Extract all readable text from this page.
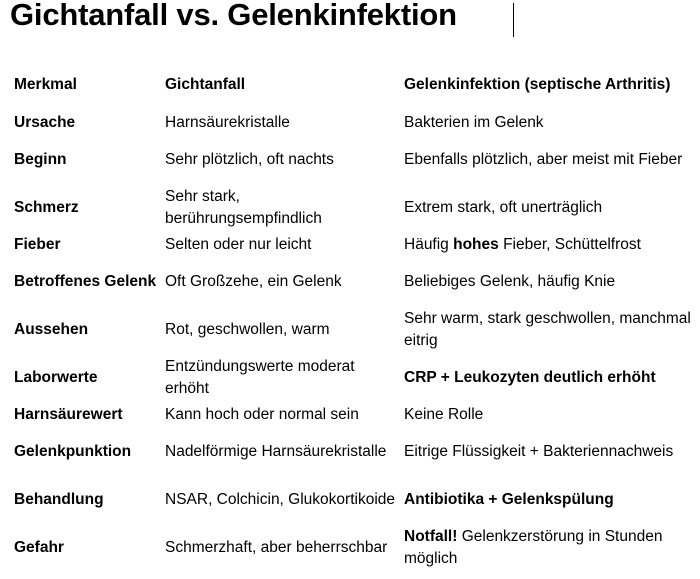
Gichtanfall vs. Gelenkinfektion
Merkmal	Gichtanfall	Gelenkinfektion (septische Arthritis)
Ursache	Harnsäurekristalle	Bakterien im Gelenk
Beginn	Sehr plötzlich, oft nachts	Ebenfalls plötzlich, aber meist mit Fieber
Schmerz	Sehr stark, berührungsempfindlich	Extrem stark, oft unerträglich
Fieber	Selten oder nur leicht	Häufig hohes Fieber, Schüttelfrost
Betroffenes Gelenk	Oft Großzehe, ein Gelenk	Beliebiges Gelenk, häufig Knie
Aussehen	Rot, geschwollen, warm	Sehr warm, stark geschwollen, manchmal eitrig
Laborwerte	Entzündungswerte moderat erhöht	CRP + Leukozyten deutlich erhöht
Harnsäurewert	Kann hoch oder normal sein	Keine Rolle
Gelenkpunktion	Nadelförmige Harnsäurekristalle	Eitrige Flüssigkeit + Bakteriennachweis
Behandlung	NSAR, Colchicin, Glukokortikoide	Antibiotika + Gelenkspülung
Gefahr	Schmerzhaft, aber beherrschbar	Notfall! Gelenkzerstörung in Stunden möglich
